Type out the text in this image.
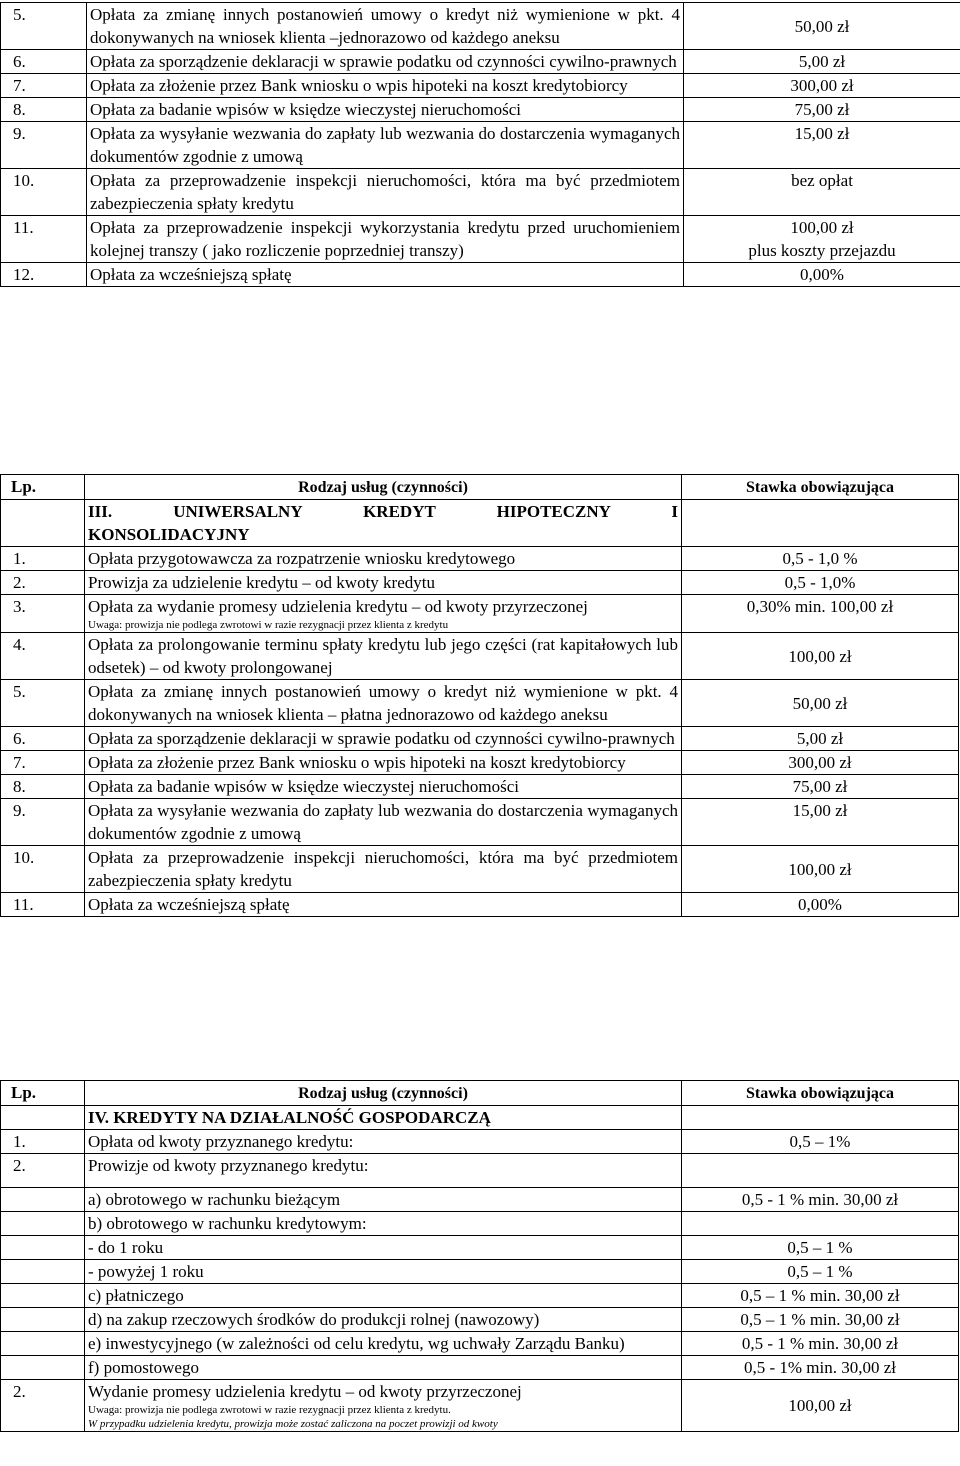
5.	Opłata za zmianę innych postanowień umowy o kredyt niż wymienione w pkt. 4 dokonywanych na wniosek klienta –jednorazowo od każdego aneksu	50,00 zł
6.	Opłata za sporządzenie deklaracji w sprawie podatku od czynności cywilno-prawnych	5,00 zł
7.	Opłata za złożenie przez Bank wniosku o wpis hipoteki na koszt kredytobiorcy	300,00 zł
8.	Opłata za badanie wpisów w księdze wieczystej nieruchomości	75,00 zł
9.	Opłata za wysyłanie wezwania do zapłaty lub wezwania do dostarczenia wymaganych dokumentów zgodnie z umową	15,00 zł
10.	Opłata za przeprowadzenie inspekcji nieruchomości, która ma być przedmiotem zabezpieczenia spłaty kredytu	bez opłat
11.	Opłata za przeprowadzenie inspekcji wykorzystania kredytu przed uruchomieniem kolejnej transzy ( jako rozliczenie poprzedniej transzy)	100,00 zł
plus koszty przejazdu
12.	Opłata za wcześniejszą spłatę	0,00%
Lp.	Rodzaj usług (czynności)	Stawka obowiązująca
	III. UNIWERSALNY KREDYT HIPOTECZNY I KONSOLIDACYJNY	
1.	Opłata przygotowawcza za rozpatrzenie wniosku kredytowego	0,5 - 1,0 %
2.	Prowizja za udzielenie kredytu – od kwoty kredytu	0,5 - 1,0%
3.	Opłata za wydanie promesy udzielenia kredytu – od kwoty przyrzeczonej
Uwaga: prowizja nie podlega zwrotowi w razie rezygnacji przez klienta z kredytu	0,30% min. 100,00 zł
4.	Opłata za prolongowanie terminu spłaty kredytu lub jego części (rat kapitałowych lub odsetek) – od kwoty prolongowanej	100,00 zł
5.	Opłata za zmianę innych postanowień umowy o kredyt niż wymienione w pkt. 4 dokonywanych na wniosek klienta – płatna jednorazowo od każdego aneksu	50,00 zł
6.	Opłata za sporządzenie deklaracji w sprawie podatku od czynności cywilno-prawnych	5,00 zł
7.	Opłata za złożenie przez Bank wniosku o wpis hipoteki na koszt kredytobiorcy	300,00 zł
8.	Opłata za badanie wpisów w księdze wieczystej nieruchomości	75,00 zł
9.	Opłata za wysyłanie wezwania do zapłaty lub wezwania do dostarczenia wymaganych dokumentów zgodnie z umową	15,00 zł
10.	Opłata za przeprowadzenie inspekcji nieruchomości, która ma być przedmiotem zabezpieczenia spłaty kredytu	100,00 zł
11.	Opłata za wcześniejszą spłatę	0,00%
Lp.	Rodzaj usług (czynności)	Stawka obowiązująca
	IV. KREDYTY NA DZIAŁALNOŚĆ GOSPODARCZĄ	
1.	Opłata od kwoty przyznanego kredytu:	0,5 – 1%
2.	Prowizje od kwoty przyznanego kredytu:	
	a) obrotowego w rachunku bieżącym	0,5 - 1 % min. 30,00 zł
	b) obrotowego w rachunku kredytowym:	
	- do 1 roku	0,5 – 1 %
	- powyżej 1 roku	0,5 – 1 %
	c) płatniczego	0,5 – 1 % min. 30,00 zł
	d) na zakup rzeczowych środków do produkcji rolnej (nawozowy)	0,5 – 1 % min. 30,00 zł
	e) inwestycyjnego (w zależności od celu kredytu, wg uchwały Zarządu Banku)	0,5 - 1 % min. 30,00 zł
	f) pomostowego	0,5 - 1% min. 30,00 zł
2.	Wydanie promesy udzielenia kredytu – od kwoty przyrzeczonej
Uwaga: prowizja nie podlega zwrotowi w razie rezygnacji przez klienta z kredytu.
W przypadku udzielenia kredytu, prowizja może zostać zaliczona na poczet prowizji od kwoty	100,00 zł
